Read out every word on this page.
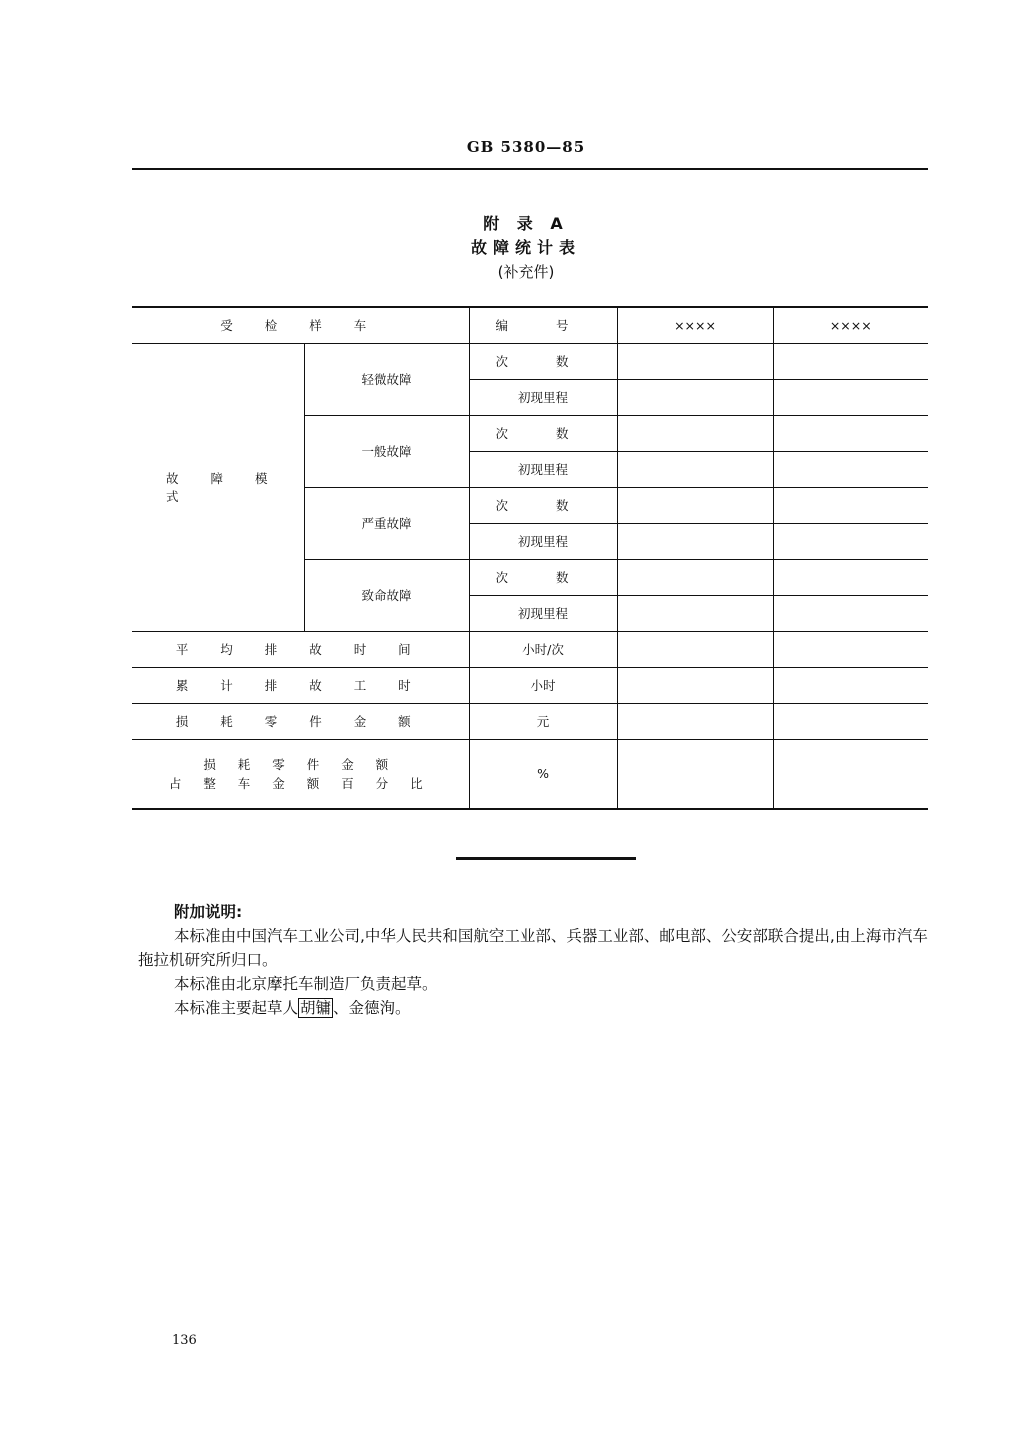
GB 5380—85
附 录 A
故障统计表
(补充件)
受 检 样 车		编 号	××××	××××
故 障 模 式	轻微故障	次 数		
		初现里程		
	一般故障	次 数		
		初现里程		
	严重故障	次 数		
		初现里程		
	致命故障	次 数		
		初现里程		
平 均 排 故 时 间		小时/次		
累 计 排 故 工 时		小时		
损 耗 零 件 金 额		元		

损 耗 零 件 金 额
占 整 车 金 额 百 分 比		%		
附加说明:
本标准由中国汽车工业公司,中华人民共和国航空工业部、兵器工业部、邮电部、公安部联合提出,由上海市汽车拖拉机研究所归口。
本标准由北京摩托车制造厂负责起草。
本标准主要起草人 胡镛 、金德洵。
136
